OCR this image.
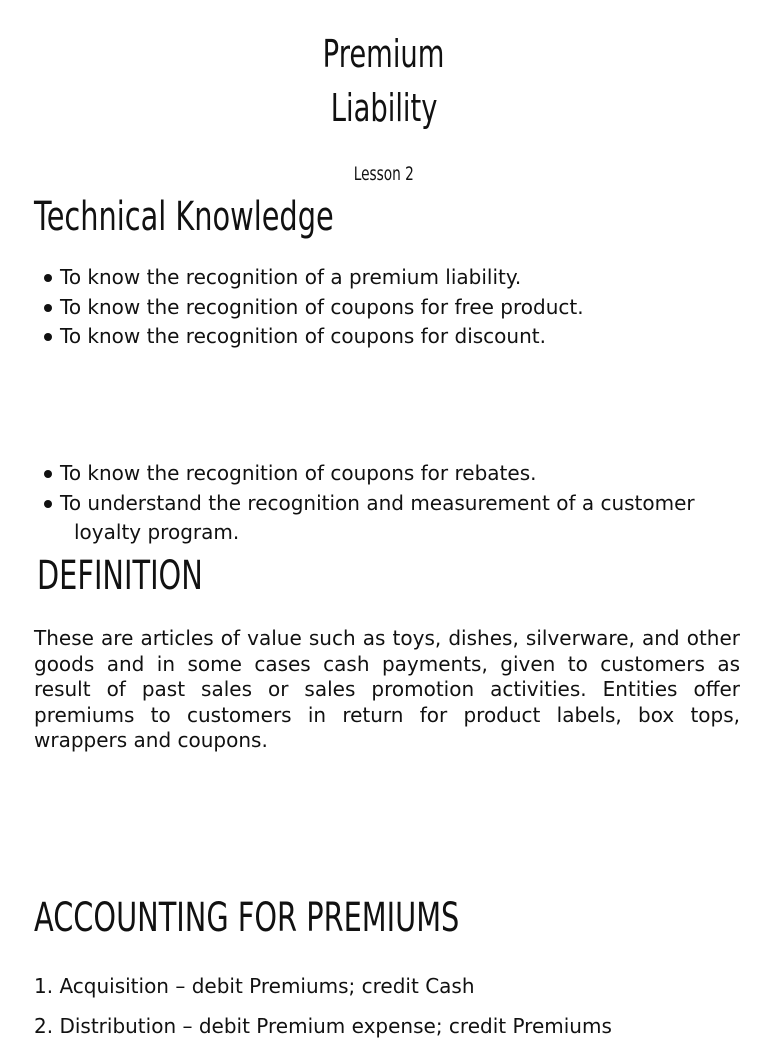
Premium
Liability
Lesson 2
Technical Knowledge
To know the recognition of a premium liability.
To know the recognition of coupons for free product.
To know the recognition of coupons for discount.
To know the recognition of coupons for rebates.
To understand the recognition and measurement of a customer
loyalty program.
DEFINITION

These are articles of value such as toys, dishes, silverware, and other goods and in some cases cash payments, given to customers as result of past sales or sales promotion activities. Entities offer premiums to customers in return for product labels, box tops, wrappers and coupons.

ACCOUNTING FOR PREMIUMS
1. Acquisition – debit Premiums; credit Cash
2. Distribution – debit Premium expense; credit Premiums
